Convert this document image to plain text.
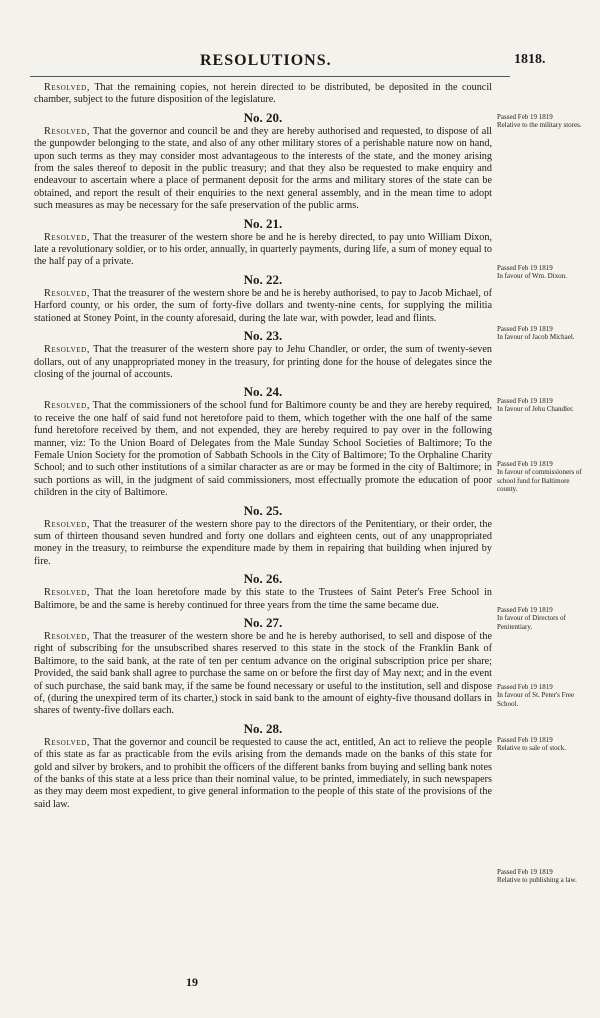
RESOLUTIONS.	1818.

Resolved, That the remaining copies, not herein directed to be distributed, be deposited in the council chamber, subject to the future disposition of the legislature.

No. 20.

Resolved, That the governor and council be and they are hereby authorised and requested, to dispose of all the gunpowder belonging to the state, and also of any other military stores of a perishable nature now on hand, upon such terms as they may consider most advantageous to the interests of the state, and the money arising from the sales thereof to deposit in the public treasury; and that they also be requested to make enquiry and endeavour to ascertain where a place of permanent deposit for the arms and military stores of the state can be obtained, and report the result of their enquiries to the next general assembly, and in the mean time to adopt such measures as may be necessary for the safe preservation of the public arms.

No. 21.

Resolved, That the treasurer of the western shore be and he is hereby directed, to pay unto William Dixon, late a revolutionary soldier, or to his order, annually, in quarterly payments, during life, a sum of money equal to the half pay of a private.

No. 22.

Resolved, That the treasurer of the western shore be and he is hereby authorised, to pay to Jacob Michael, of Harford county, or his order, the sum of forty-five dollars and twenty-nine cents, for supplying the militia stationed at Stoney Point, in the county aforesaid, during the late war, with powder, lead and flints.

No. 23.

Resolved, That the treasurer of the western shore pay to Jehu Chandler, or order, the sum of twenty-seven dollars, out of any unappropriated money in the treasury, for printing done for the house of delegates since the closing of the journal of accounts.

No. 24.

Resolved, That the commissioners of the school fund for Baltimore county be and they are hereby required, to receive the one half of said fund not heretofore paid to them, which together with the one half of the same fund heretofore received by them, and not expended, they are hereby required to pay over in the following manner, viz: To the Union Board of Delegates from the Male Sunday School Societies of Baltimore; To the Female Union Society for the promotion of Sabbath Schools in the City of Baltimore; To the Orphaline Charity School; and to such other institutions of a similar character as are or may be formed in the city of Baltimore; in such portions as will, in the judgment of said commissioners, most effectually promote the education of poor children in the city of Baltimore.

No. 25.

Resolved, That the treasurer of the western shore pay to the directors of the Penitentiary, or their order, the sum of thirteen thousand seven hundred and forty one dollars and eighteen cents, out of any unappropriated money in the treasury, to reimburse the expenditure made by them in repairing that building when injured by fire.

No. 26.

Resolved, That the loan heretofore made by this state to the Trustees of Saint Peter's Free School in Baltimore, be and the same is hereby continued for three years from the time the same became due.

No. 27.

Resolved, That the treasurer of the western shore be and he is hereby authorised, to sell and dispose of the right of subscribing for the unsubscribed shares reserved to this state in the stock of the Franklin Bank of Baltimore, to the said bank, at the rate of ten per centum advance on the original subscription price per share; Provided, the said bank shall agree to purchase the same on or before the first day of May next; and in the event of such purchase, the said bank may, if the same be found necessary or useful to the institution, sell and dispose of, (during the unexpired term of its charter,) stock in said bank to the amount of eighty-five thousand dollars in shares of twenty-five dollars each.

No. 28.

Resolved, That the governor and council be requested to cause the act, entitled, An act to relieve the people of this state as far as practicable from the evils arising from the demands made on the banks of this state for gold and silver by brokers, and to prohibit the officers of the different banks from buying and selling bank notes of the banks of this state at a less price than their nominal value, to be printed, immediately, in such newspapers as they may deem most expedient, to give general information to the people of this state of the provisions of the said law.

Passed Feb 19 1819
Relative to the military stores.
Passed Feb 19 1819
In favour of Wm. Dixon.
Passed Feb 19 1819
In favour of Jacob Michael.
Passed Feb 19 1819
In favour of Jehu Chandler.
Passed Feb 19 1819
In favour of commissioners of school fund for Baltimore county.
Passed Feb 19 1819
In favour of Directors of Penitentiary.
Passed Feb 19 1819
In favour of St. Peter's Free School.
Passed Feb 19 1819
Relative to sale of stock.
Passed Feb 19 1819
Relative to publishing a law.
19
